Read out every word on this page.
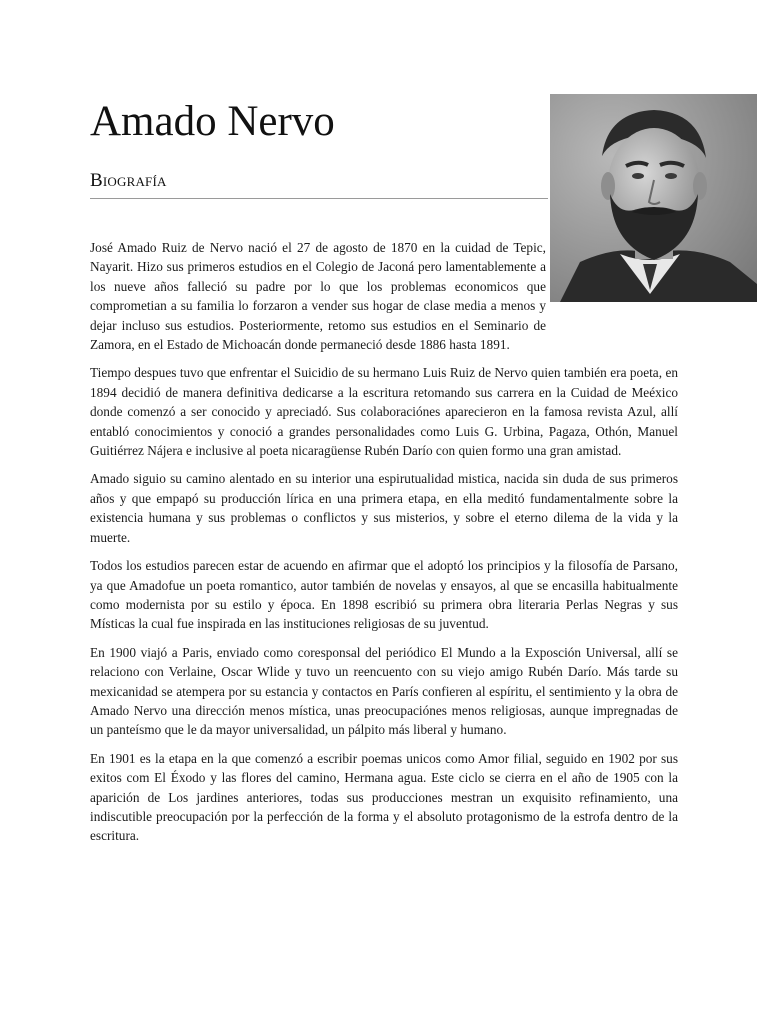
Amado Nervo
Biografía

José Amado Ruiz de Nervo nació el 27 de agosto de 1870 en la cuidad de Tepic, Nayarit. Hizo sus primeros estudios en el Colegio de Jaconá pero lamentablemente a los nueve años falleció su padre por lo que los problemas economicos que comprometian a su familia lo forzaron a vender sus hogar de clase media a menos y dejar incluso sus estudios. Posteriormente, retomo sus estudios en el Seminario de Zamora, en el Estado de Michoacán donde permaneció desde 1886 hasta 1891.

Tiempo despues tuvo que enfrentar el Suicidio de su hermano Luis Ruiz de Nervo quien también era poeta, en 1894 decidió de manera definitiva dedicarse a la escritura retomando sus carrera en la Cuidad de Meéxico donde comenzó a ser conocido y apreciadó. Sus colaboraciónes aparecieron en la famosa revista Azul, allí entabló conocimientos y conoció a grandes personalidades como Luis G. Urbina, Pagaza, Othón, Manuel Guitiérrez Nájera e inclusive al poeta nicaragüense Rubén Darío con quien formo una gran amistad.

Amado siguio su camino alentado en su interior una espirutualidad mistica, nacida sin duda de sus primeros años y que empapó su producción lírica en una primera etapa, en ella meditó fundamentalmente sobre la existencia humana y sus problemas o conflictos y sus misterios, y sobre el eterno dilema de la vida y la muerte.

Todos los estudios parecen estar de acuendo en afirmar que el adoptó los principios y la filosofía de Parsano, ya que Amadofue un poeta romantico, autor también de novelas y ensayos, al que se encasilla habitualmente como modernista por su estilo y época. En 1898 escribió su primera obra literaria Perlas Negras y sus Místicas la cual fue inspirada en las instituciones religiosas de su juventud.

En 1900 viajó a Paris, enviado como coresponsal del periódico El Mundo a la Exposción Universal, allí se relaciono con Verlaine, Oscar Wlide y tuvo un reencuento con su viejo amigo Rubén Darío. Más tarde su mexicanidad se atempera por su estancia y contactos en París confieren al espíritu, el sentimiento y la obra de Amado Nervo una dirección menos mística, unas preocupaciónes menos religiosas, aunque impregnadas de un panteísmo que le da mayor universalidad, un pálpito más liberal y humano.

En 1901 es la etapa en la que comenzó a escribir poemas unicos como Amor filial, seguido en 1902 por sus exitos com El Éxodo y las flores del camino, Hermana agua. Este ciclo se cierra en el año de 1905 con la aparición de Los jardines anteriores, todas sus producciones mestran un exquisito refinamiento, una indiscutible preocupación por la perfección de la forma y el absoluto protagonismo de la estrofa dentro de la escritura.
